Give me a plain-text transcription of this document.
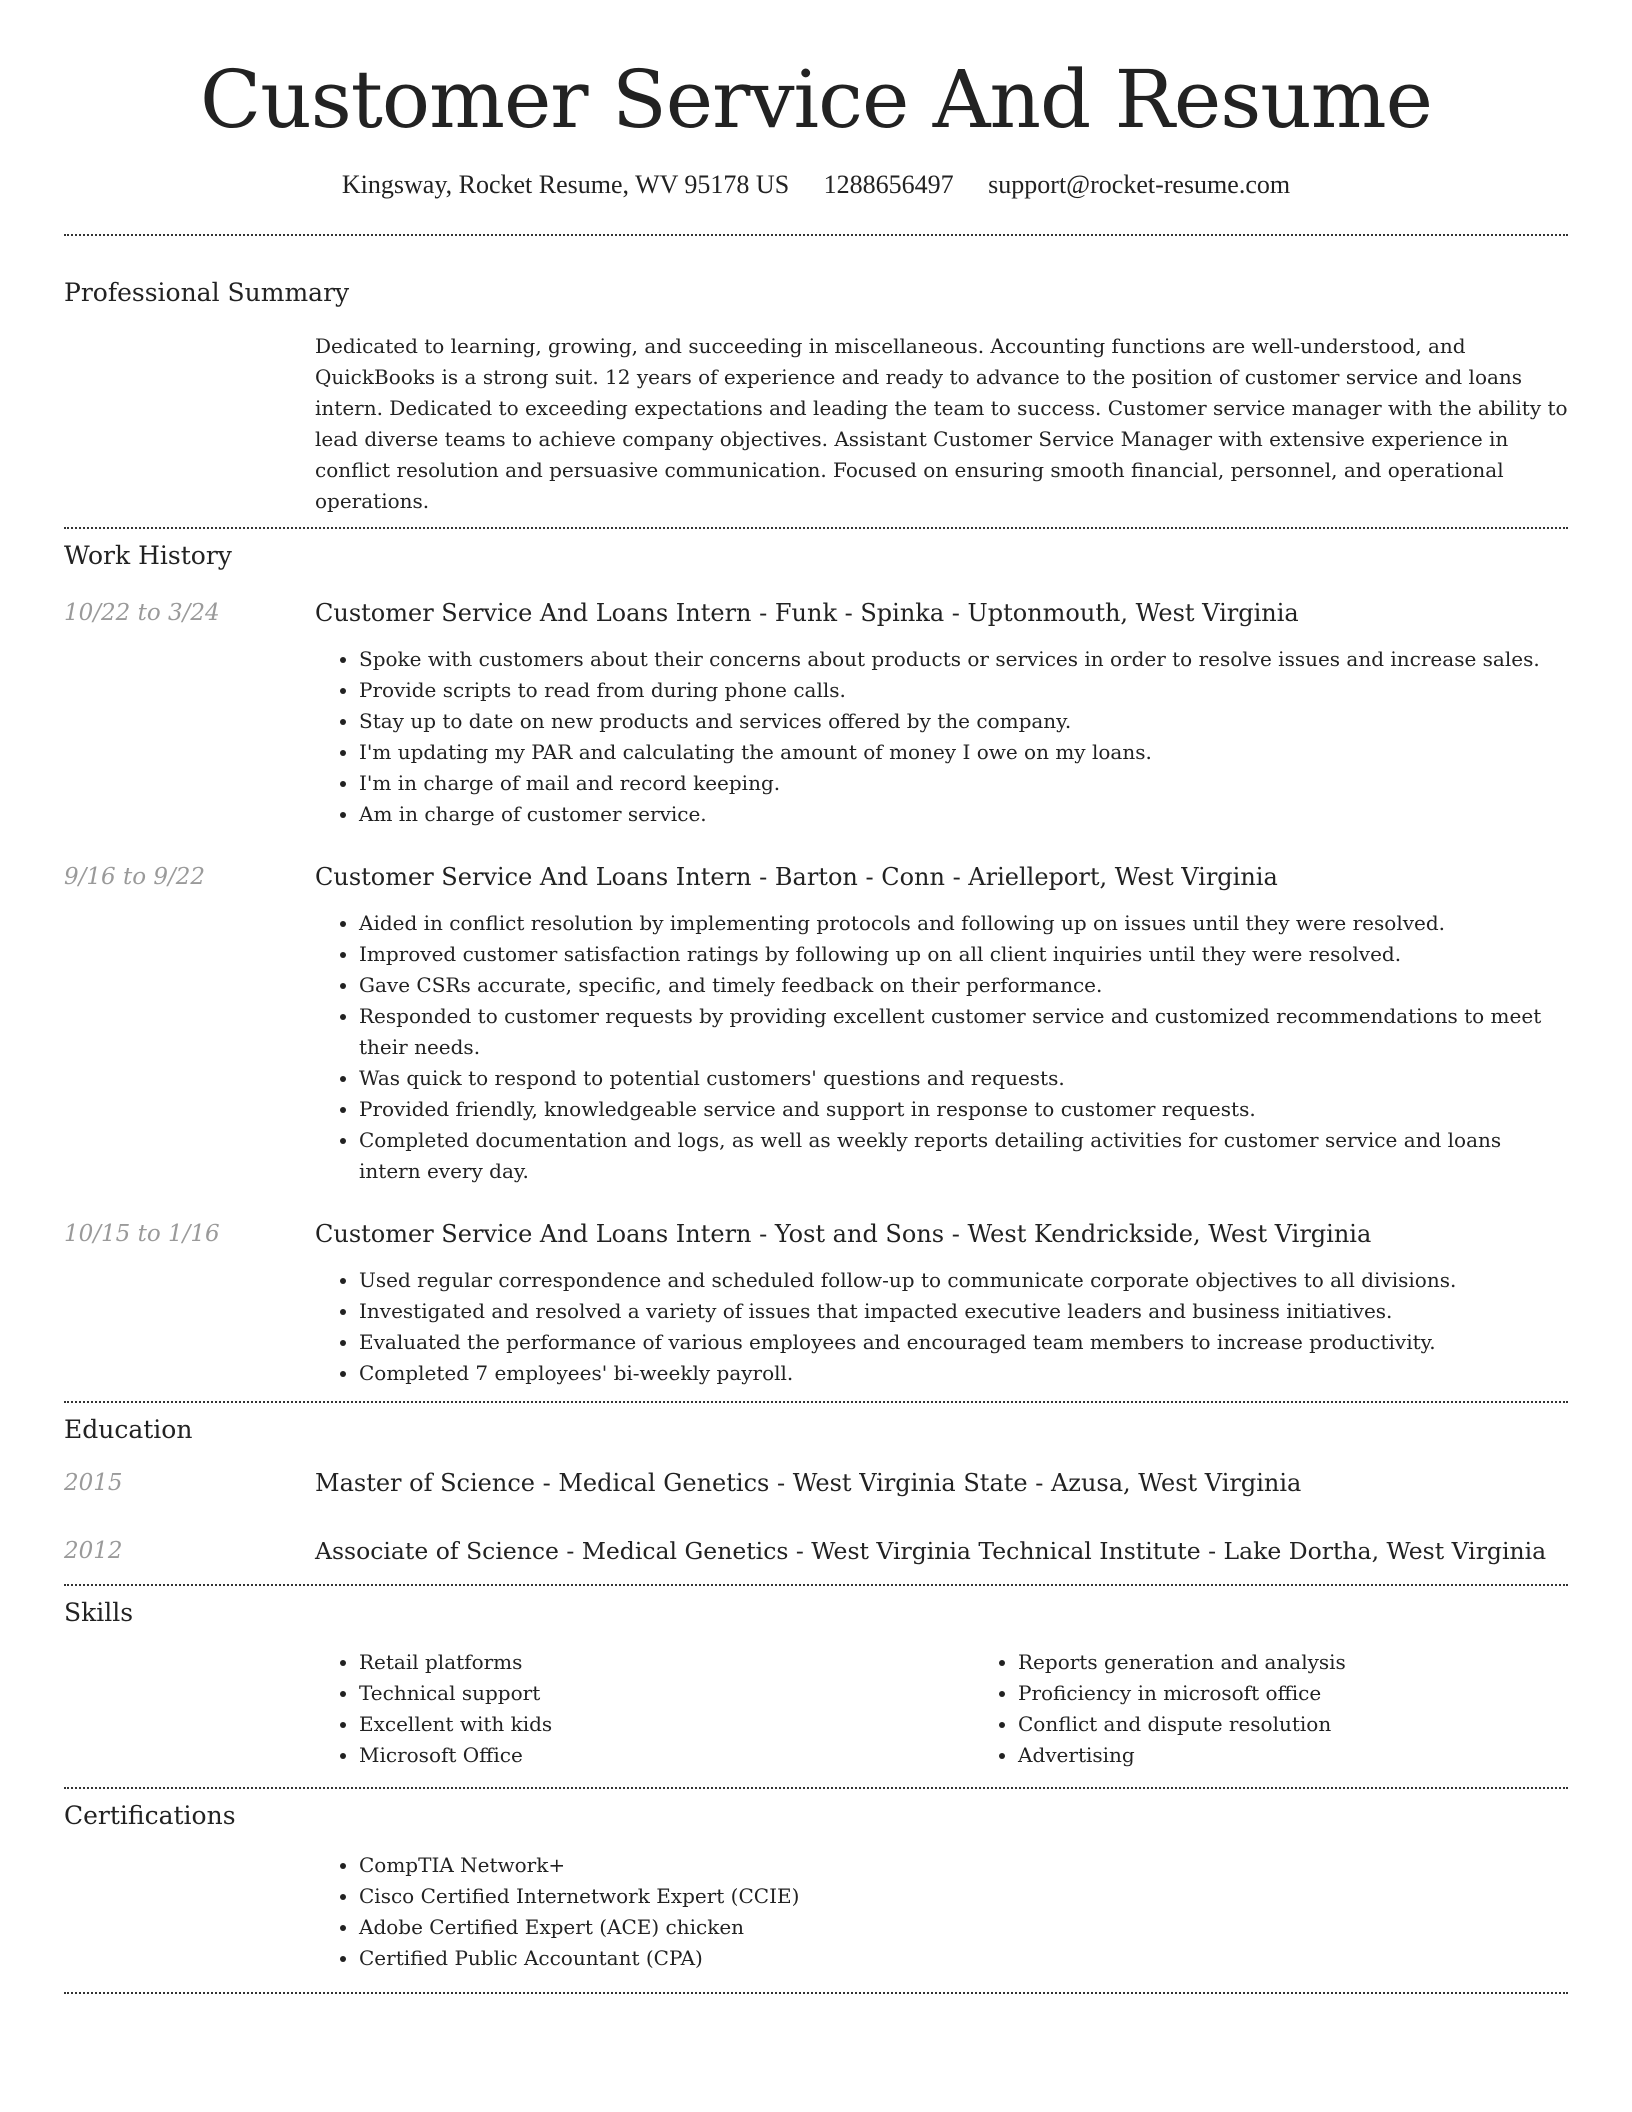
Customer Service And Resume
Kingsway, Rocket Resume, WV 95178 US 1288656497 support@rocket-resume.com
Professional Summary
Dedicated to learning, growing, and succeeding in miscellaneous. Accounting functions are well-understood, and QuickBooks is a strong suit. 12 years of experience and ready to advance to the position of customer service and loans intern. Dedicated to exceeding expectations and leading the team to success. Customer service manager with the ability to lead diverse teams to achieve company objectives. Assistant Customer Service Manager with extensive experience in conflict resolution and persuasive communication. Focused on ensuring smooth financial, personnel, and operational operations.
Work History
10/22 to 3/24	Customer Service And Loans Intern - Funk - Spinka - Uptonmouth, West Virginia
• Spoke with customers about their concerns about products or services in order to resolve issues and increase sales.
• Provide scripts to read from during phone calls.
• Stay up to date on new products and services offered by the company.
• I'm updating my PAR and calculating the amount of money I owe on my loans.
• I'm in charge of mail and record keeping.
• Am in charge of customer service.
9/16 to 9/22	Customer Service And Loans Intern - Barton - Conn - Arielleport, West Virginia
• Aided in conflict resolution by implementing protocols and following up on issues until they were resolved.
• Improved customer satisfaction ratings by following up on all client inquiries until they were resolved.
• Gave CSRs accurate, specific, and timely feedback on their performance.
• Responded to customer requests by providing excellent customer service and customized recommendations to meet their needs.
• Was quick to respond to potential customers' questions and requests.
• Provided friendly, knowledgeable service and support in response to customer requests.
• Completed documentation and logs, as well as weekly reports detailing activities for customer service and loans intern every day.
10/15 to 1/16	Customer Service And Loans Intern - Yost and Sons - West Kendrickside, West Virginia
• Used regular correspondence and scheduled follow-up to communicate corporate objectives to all divisions.
• Investigated and resolved a variety of issues that impacted executive leaders and business initiatives.
• Evaluated the performance of various employees and encouraged team members to increase productivity.
• Completed 7 employees' bi-weekly payroll.
Education
2015	Master of Science - Medical Genetics - West Virginia State - Azusa, West Virginia
2012	Associate of Science - Medical Genetics - West Virginia Technical Institute - Lake Dortha, West Virginia
Skills
• Retail platforms
• Technical support
• Excellent with kids
• Microsoft Office
• Reports generation and analysis
• Proficiency in microsoft office
• Conflict and dispute resolution
• Advertising
Certifications
• CompTIA Network+
• Cisco Certified Internetwork Expert (CCIE)
• Adobe Certified Expert (ACE) chicken
• Certified Public Accountant (CPA)
